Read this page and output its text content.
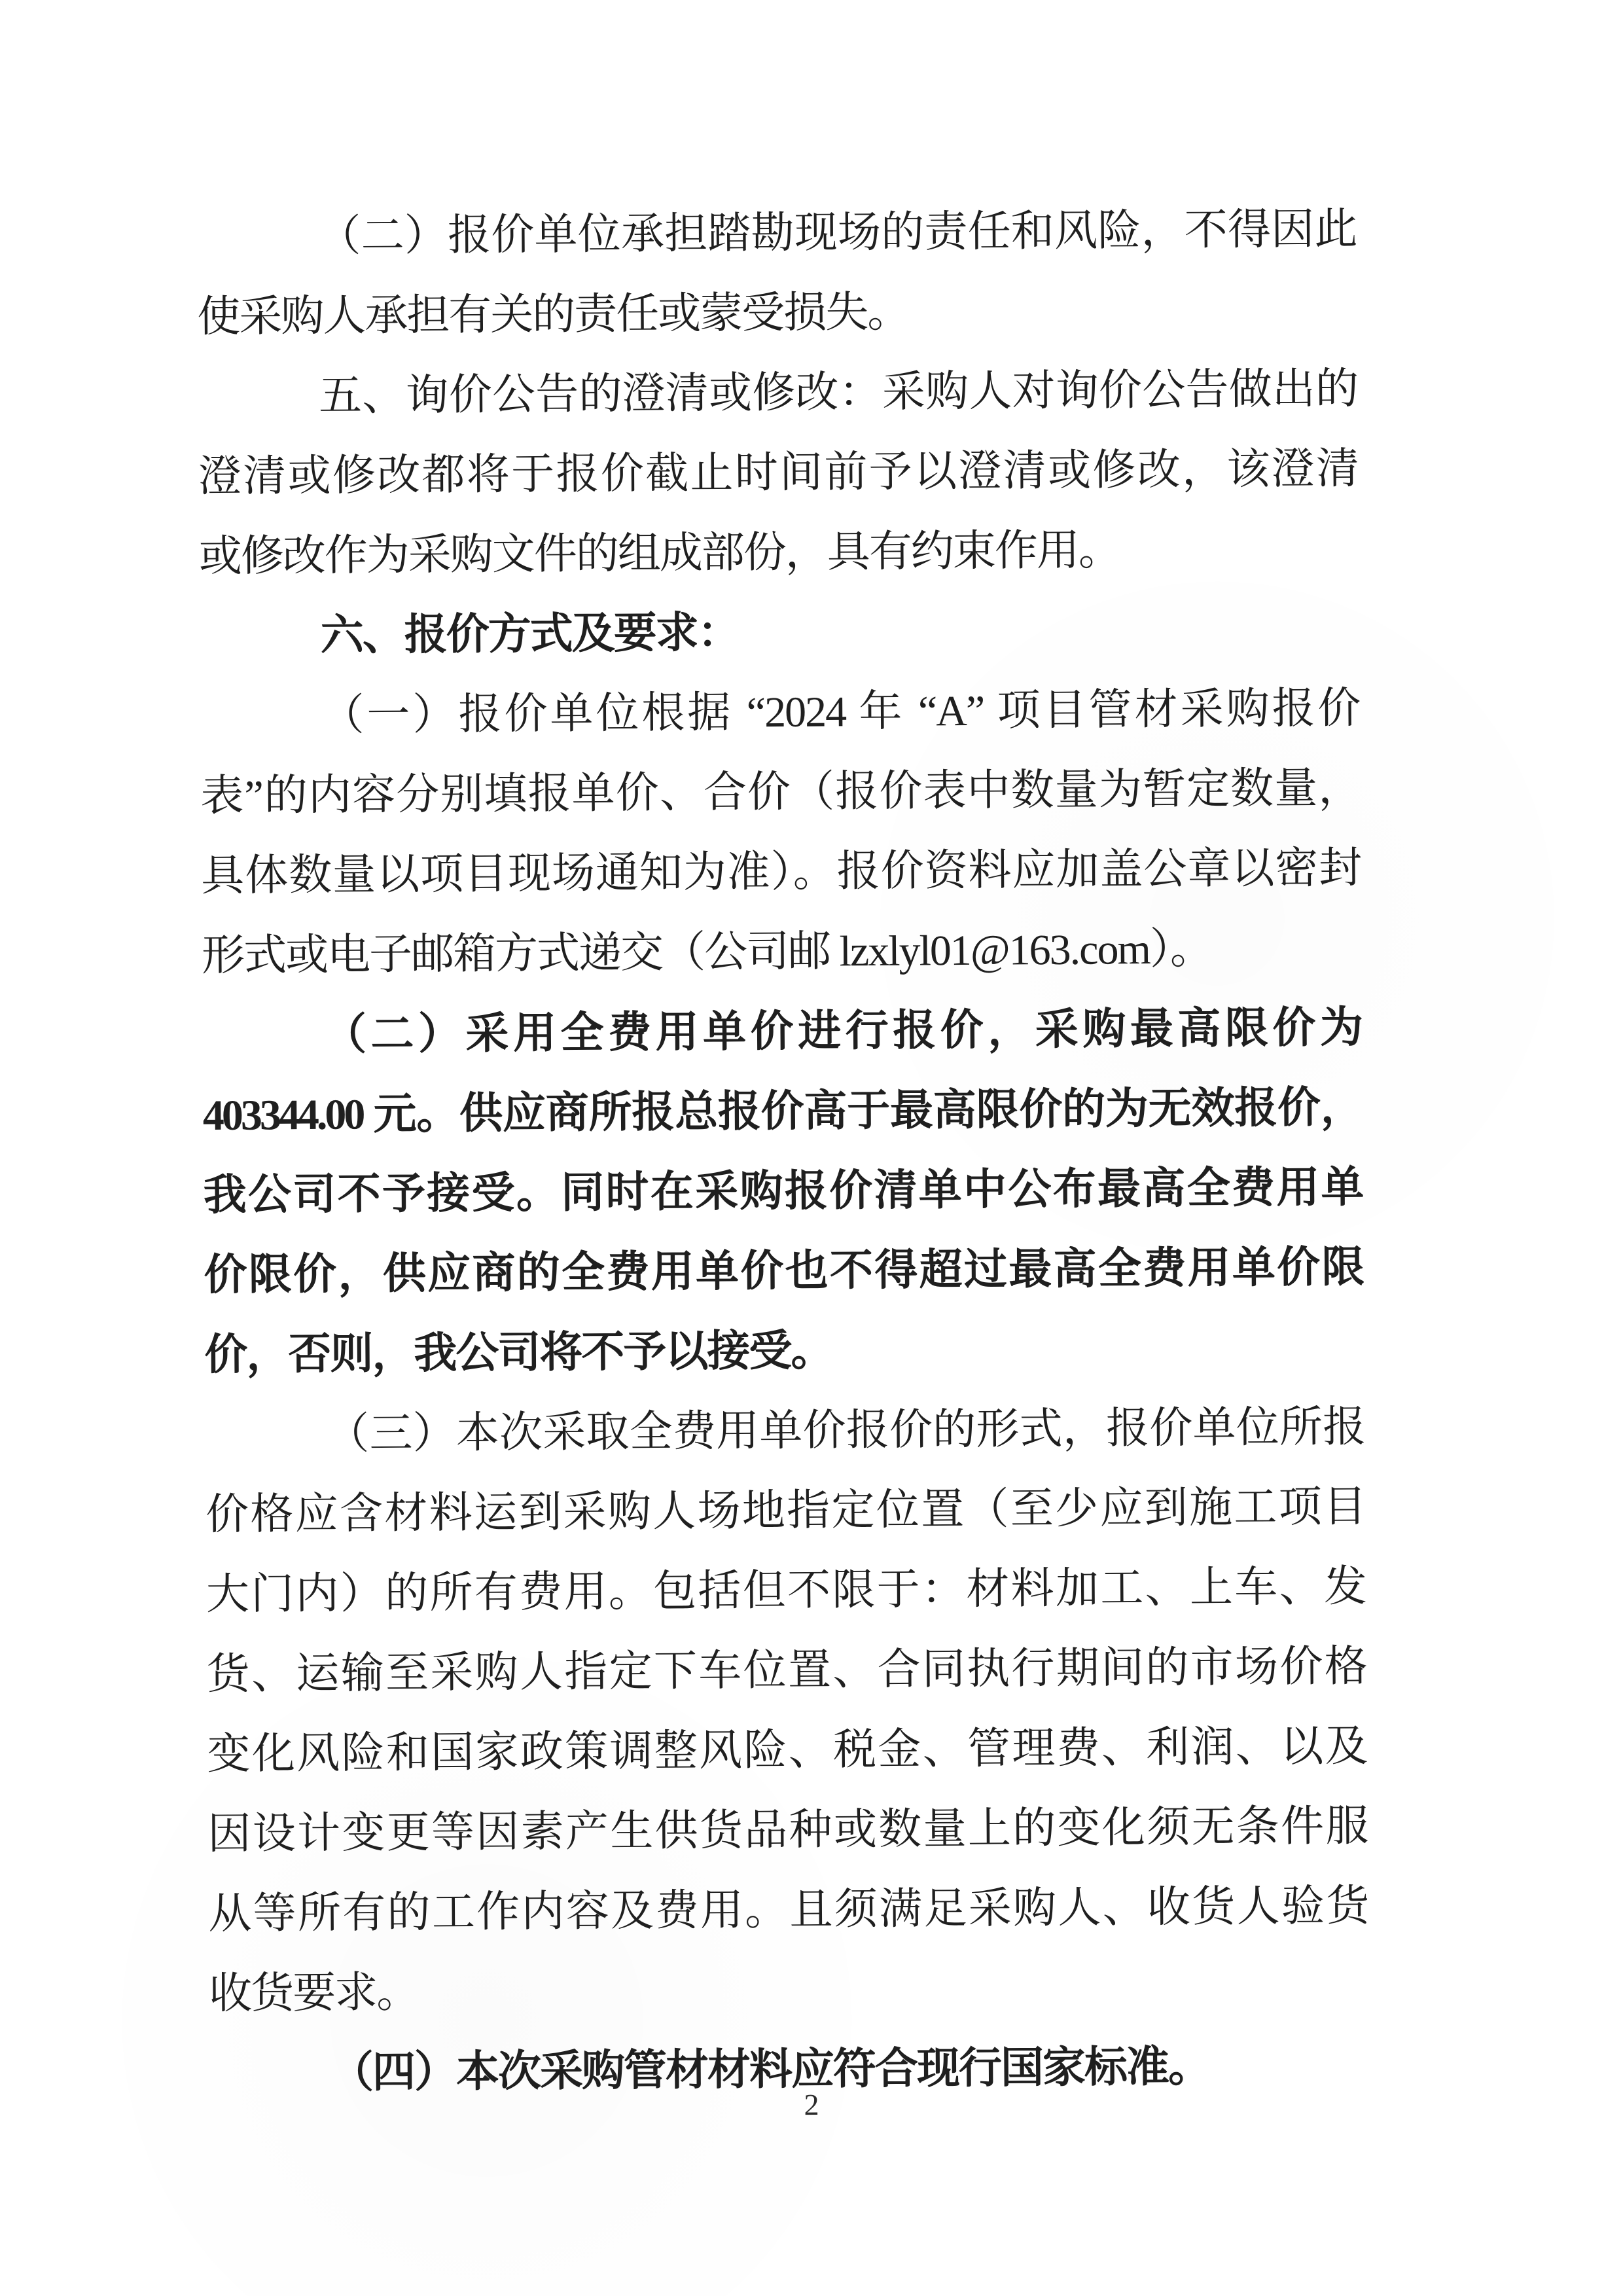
（二）报价单位承担踏勘现场的责任和风险，不得因此
使采购人承担有关的责任或蒙受损失。
五、询价公告的澄清或修改：采购人对询价公告做出的
澄清或修改都将于报价截止时间前予以澄清或修改，该澄清
或修改作为采购文件的组成部份，具有约束作用。
六、报价方式及要求：
（一）报价单位根据 “2024 年 “A” 项目管材采购报价
表”的内容分别填报单价、合价（报价表中数量为暂定数量，
具体数量以项目现场通知为准）。报价资料应加盖公章以密封
形式或电子邮箱方式递交（公司邮 lzxlyl01@163.com）。
（二）采用全费用单价进行报价，采购最高限价为
403344.00 元。供应商所报总报价高于最高限价的为无效报价，
我公司不予接受。同时在采购报价清单中公布最高全费用单
价限价，供应商的全费用单价也不得超过最高全费用单价限
价，否则，我公司将不予以接受。
（三）本次采取全费用单价报价的形式，报价单位所报
价格应含材料运到采购人场地指定位置（至少应到施工项目
大门内）的所有费用。包括但不限于：材料加工、上车、发
货、运输至采购人指定下车位置、合同执行期间的市场价格
变化风险和国家政策调整风险、税金、管理费、利润、以及
因设计变更等因素产生供货品种或数量上的变化须无条件服
从等所有的工作内容及费用。且须满足采购人、收货人验货
收货要求。
（四）本次采购管材材料应符合现行国家标准。
2
